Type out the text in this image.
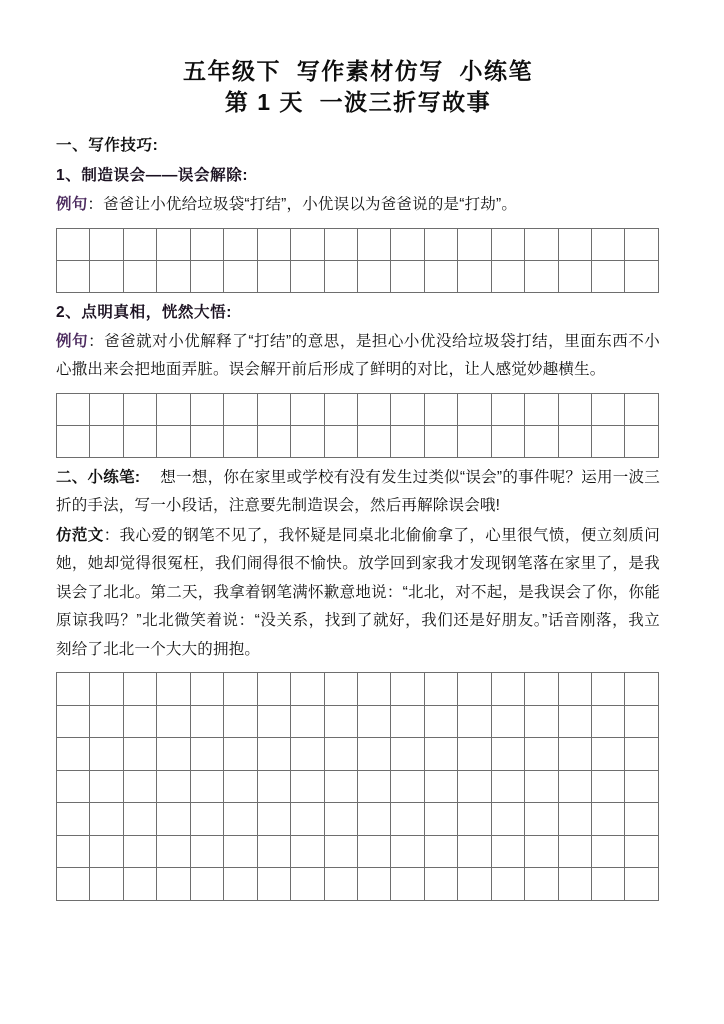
五年级下  写作素材仿写  小练笔
第 1 天  一波三折写故事
一、写作技巧:
1、制造误会——误会解除:
例句：爸爸让小优给垃圾袋“打结”，小优误以为爸爸说的是“打劫”。

2、点明真相，恍然大悟:
例句：爸爸就对小优解释了“打结”的意思，是担心小优没给垃圾袋打结，里面东西不小心撒出来会把地面弄脏。误会解开前后形成了鲜明的对比，让人感觉妙趣横生。

二、小练笔: 想一想，你在家里或学校有没有发生过类似“误会”的事件呢？运用一波三折的手法，写一小段话，注意要先制造误会，然后再解除误会哦!
仿范文：我心爱的钢笔不见了，我怀疑是同桌北北偷偷拿了，心里很气愤，便立刻质问她，她却觉得很冤枉，我们闹得很不愉快。放学回到家我才发现钢笔落在家里了，是我误会了北北。第二天，我拿着钢笔满怀歉意地说：“北北，对不起，是我误会了你，你能原谅我吗？”北北微笑着说：“没关系，找到了就好，我们还是好朋友。”话音刚落，我立刻给了北北一个大大的拥抱。
